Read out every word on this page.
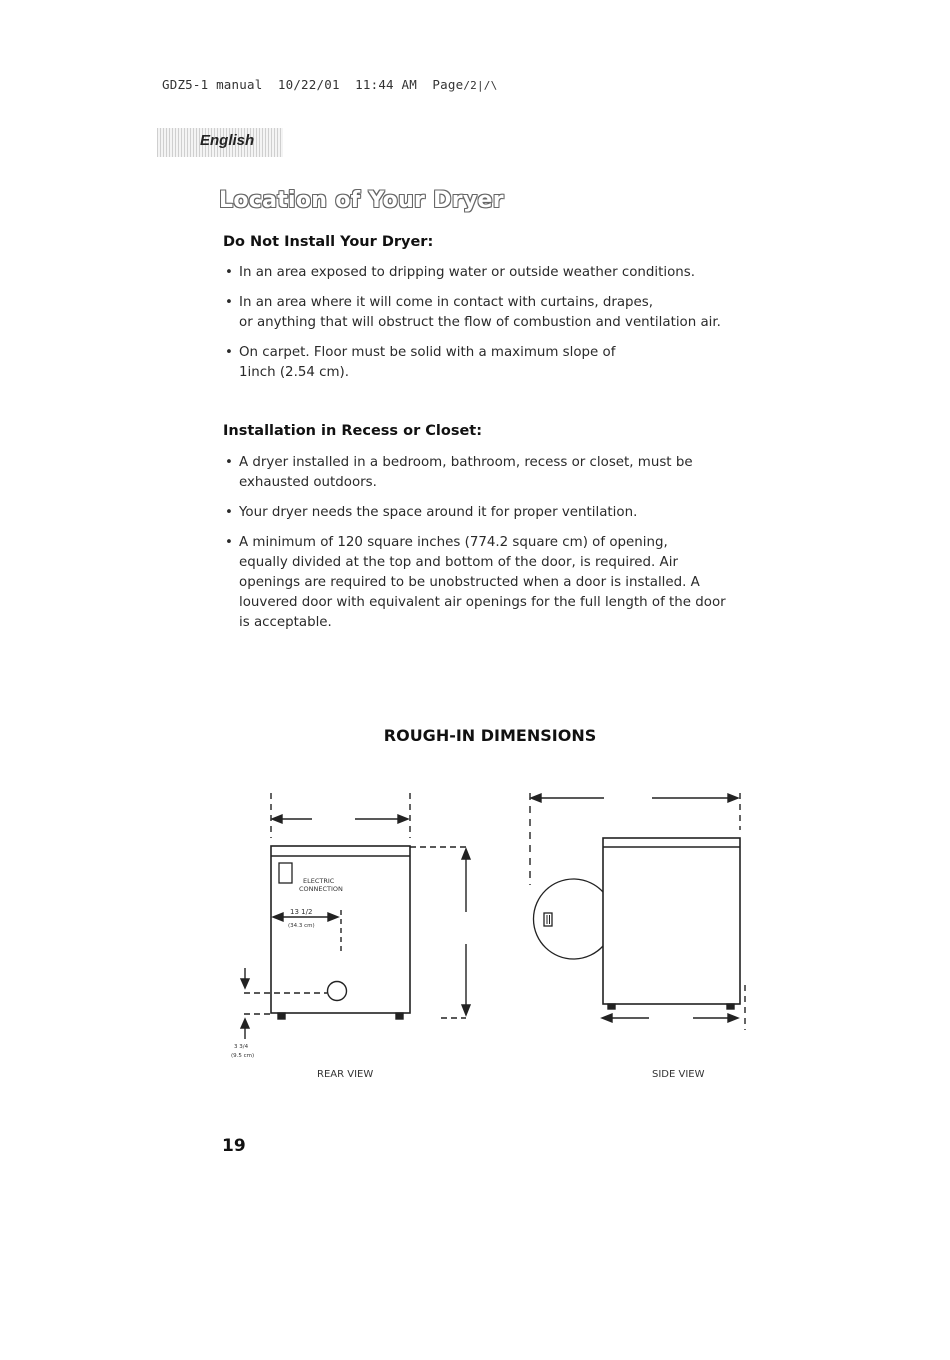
GDZ5-1 manual  10/22/01  11:44 AM  Page/2|/\
English
Location of Your Dryer
Do Not Install Your Dryer:
• In an area exposed to dripping water or outside weather conditions.
• In an area where it will come in contact with curtains, drapes,
or anything that will obstruct the flow of combustion and ventilation air.
• On carpet. Floor must be solid with a maximum slope of
1inch (2.54 cm).
Installation in Recess or Closet:
• A dryer installed in a bedroom, bathroom, recess or closet, must be
exhausted outdoors.
• Your dryer needs the space around it for proper ventilation.
• A minimum of 120 square inches (774.2 square cm) of opening,
equally divided at the top and bottom of the door, is required. Air
openings are required to be unobstructed when a door is installed. A
louvered door with equivalent air openings for the full length of the door
is acceptable.
ROUGH-IN DIMENSIONS
ELECTRIC
CONNECTION
13 1/2
(34.3 cm)
3 3/4
(9.5 cm)
REAR VIEW	SIDE VIEW
19
